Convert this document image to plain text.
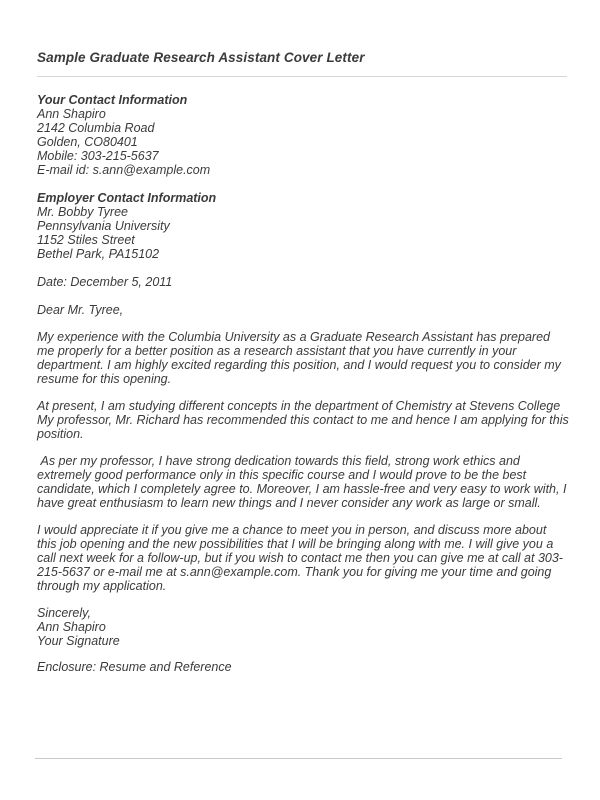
Sample Graduate Research Assistant Cover Letter
Your Contact Information
Ann Shapiro
2142 Columbia Road
Golden, CO80401
Mobile: 303-215-5637
E-mail id: s.ann@example.com
Employer Contact Information
Mr. Bobby Tyree
Pennsylvania University
1152 Stiles Street
Bethel Park, PA15102
Date: December 5, 2011
Dear Mr. Tyree,

My experience with the Columbia University as a Graduate Research Assistant has prepared me properly for a better position as a research assistant that you have currently in your department. I am highly excited regarding this position, and I would request you to consider my resume for this opening.

At present, I am studying different concepts in the department of Chemistry at Stevens College My professor, Mr. Richard has recommended this contact to me and hence I am applying for this position.

As per my professor, I have strong dedication towards this field, strong work ethics and extremely good performance only in this specific course and I would prove to be the best candidate, which I completely agree to. Moreover, I am hassle-free and very easy to work with, I have great enthusiasm to learn new things and I never consider any work as large or small.

I would appreciate it if you give me a chance to meet you in person, and discuss more about this job opening and the new possibilities that I will be bringing along with me. I will give you a call next week for a follow-up, but if you wish to contact me then you can give me at call at 303-215-5637 or e-mail me at s.ann@example.com. Thank you for giving me your time and going through my application.

Sincerely,
Ann Shapiro
Your Signature
Enclosure: Resume and Reference
